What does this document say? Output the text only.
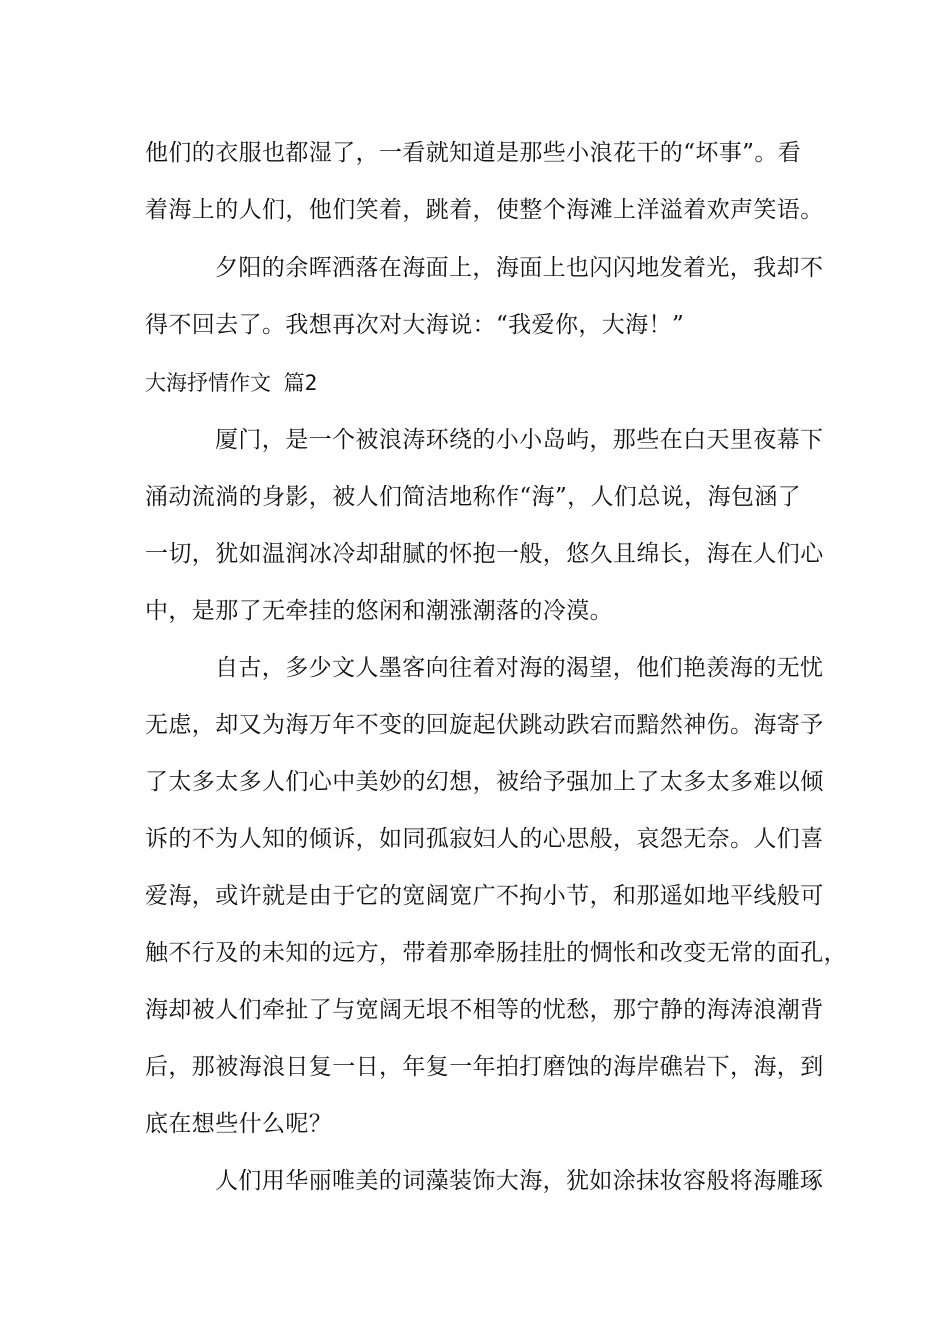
他们的衣服也都湿了，一看就知道是那些小浪花干的“坏事”。看
着海上的人们，他们笑着，跳着，使整个海滩上洋溢着欢声笑语。
夕阳的余晖洒落在海面上，海面上也闪闪地发着光，我却不
得不回去了。我想再次对大海说：“我爱你，大海！”
大海抒情作文 篇2
厦门，是一个被浪涛环绕的小小岛屿，那些在白天里夜幕下
涌动流淌的身影，被人们简洁地称作“海”，人们总说，海包涵了
一切，犹如温润冰冷却甜腻的怀抱一般，悠久且绵长，海在人们心
中，是那了无牵挂的悠闲和潮涨潮落的冷漠。
自古，多少文人墨客向往着对海的渴望，他们艳羡海的无忧
无虑，却又为海万年不变的回旋起伏跳动跌宕而黯然神伤。海寄予
了太多太多人们心中美妙的幻想，被给予强加上了太多太多难以倾
诉的不为人知的倾诉，如同孤寂妇人的心思般，哀怨无奈。人们喜
爱海，或许就是由于它的宽阔宽广不拘小节，和那遥如地平线般可
触不行及的未知的远方，带着那牵肠挂肚的惆怅和改变无常的面孔，
海却被人们牵扯了与宽阔无垠不相等的忧愁，那宁静的海涛浪潮背
后，那被海浪日复一日，年复一年拍打磨蚀的海岸礁岩下，海，到
底在想些什么呢？
人们用华丽唯美的词藻装饰大海，犹如涂抹妆容般将海雕琢
